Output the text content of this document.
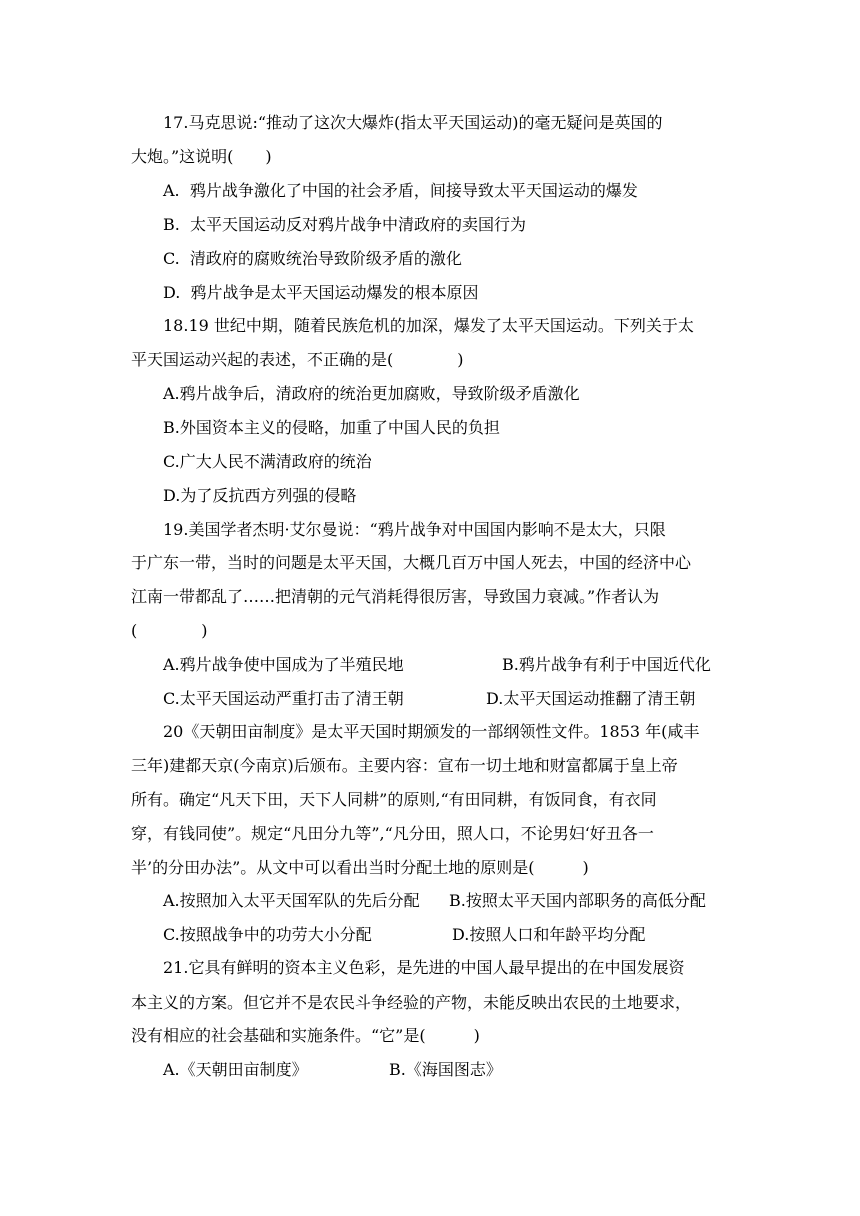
17.马克思说:“推动了这次大爆炸(指太平天国运动)的毫无疑问是英国的
大炮。”这说明(　　)
A.  鸦片战争激化了中国的社会矛盾，间接导致太平天国运动的爆发
B.  太平天国运动反对鸦片战争中清政府的卖国行为
C.  清政府的腐败统治导致阶级矛盾的激化
D.  鸦片战争是太平天国运动爆发的根本原因
18.19 世纪中期，随着民族危机的加深，爆发了太平天国运动。下列关于太
平天国运动兴起的表述，不正确的是(　　　　)
A.鸦片战争后，清政府的统治更加腐败，导致阶级矛盾激化
B.外国资本主义的侵略，加重了中国人民的负担
C.广大人民不满清政府的统治
D.为了反抗西方列强的侵略
19.美国学者杰明·艾尔曼说：“鸦片战争对中国国内影响不是太大，只限
于广东一带，当时的问题是太平天国，大概几百万中国人死去，中国的经济中心
江南一带都乱了……把清朝的元气消耗得很厉害，导致国力衰减。”作者认为
(　　　　)
A.鸦片战争使中国成为了半殖民地	B.鸦片战争有利于中国近代化
C.太平天国运动严重打击了清王朝	D.太平天国运动推翻了清王朝
20《天朝田亩制度》是太平天国时期颁发的一部纲领性文件。1853 年(咸丰
三年)建都天京(今南京)后颁布。主要内容：宣布一切土地和财富都属于皇上帝
所有。确定“凡天下田，天下人同耕”的原则,“有田同耕，有饭同食，有衣同
穿，有钱同使”。规定“凡田分九等”,“凡分田，照人口，不论男妇‘好丑各一
半’的分田办法”。从文中可以看出当时分配土地的原则是(　　　)
A.按照加入太平天国军队的先后分配 B.按照太平天国内部职务的高低分配
C.按照战争中的功劳大小分配	D.按照人口和年龄平均分配
21.它具有鲜明的资本主义色彩，是先进的中国人最早提出的在中国发展资
本主义的方案。但它并不是农民斗争经验的产物，未能反映出农民的土地要求，
没有相应的社会基础和实施条件。“它”是(　　　)
A.《天朝田亩制度》	B.《海国图志》
